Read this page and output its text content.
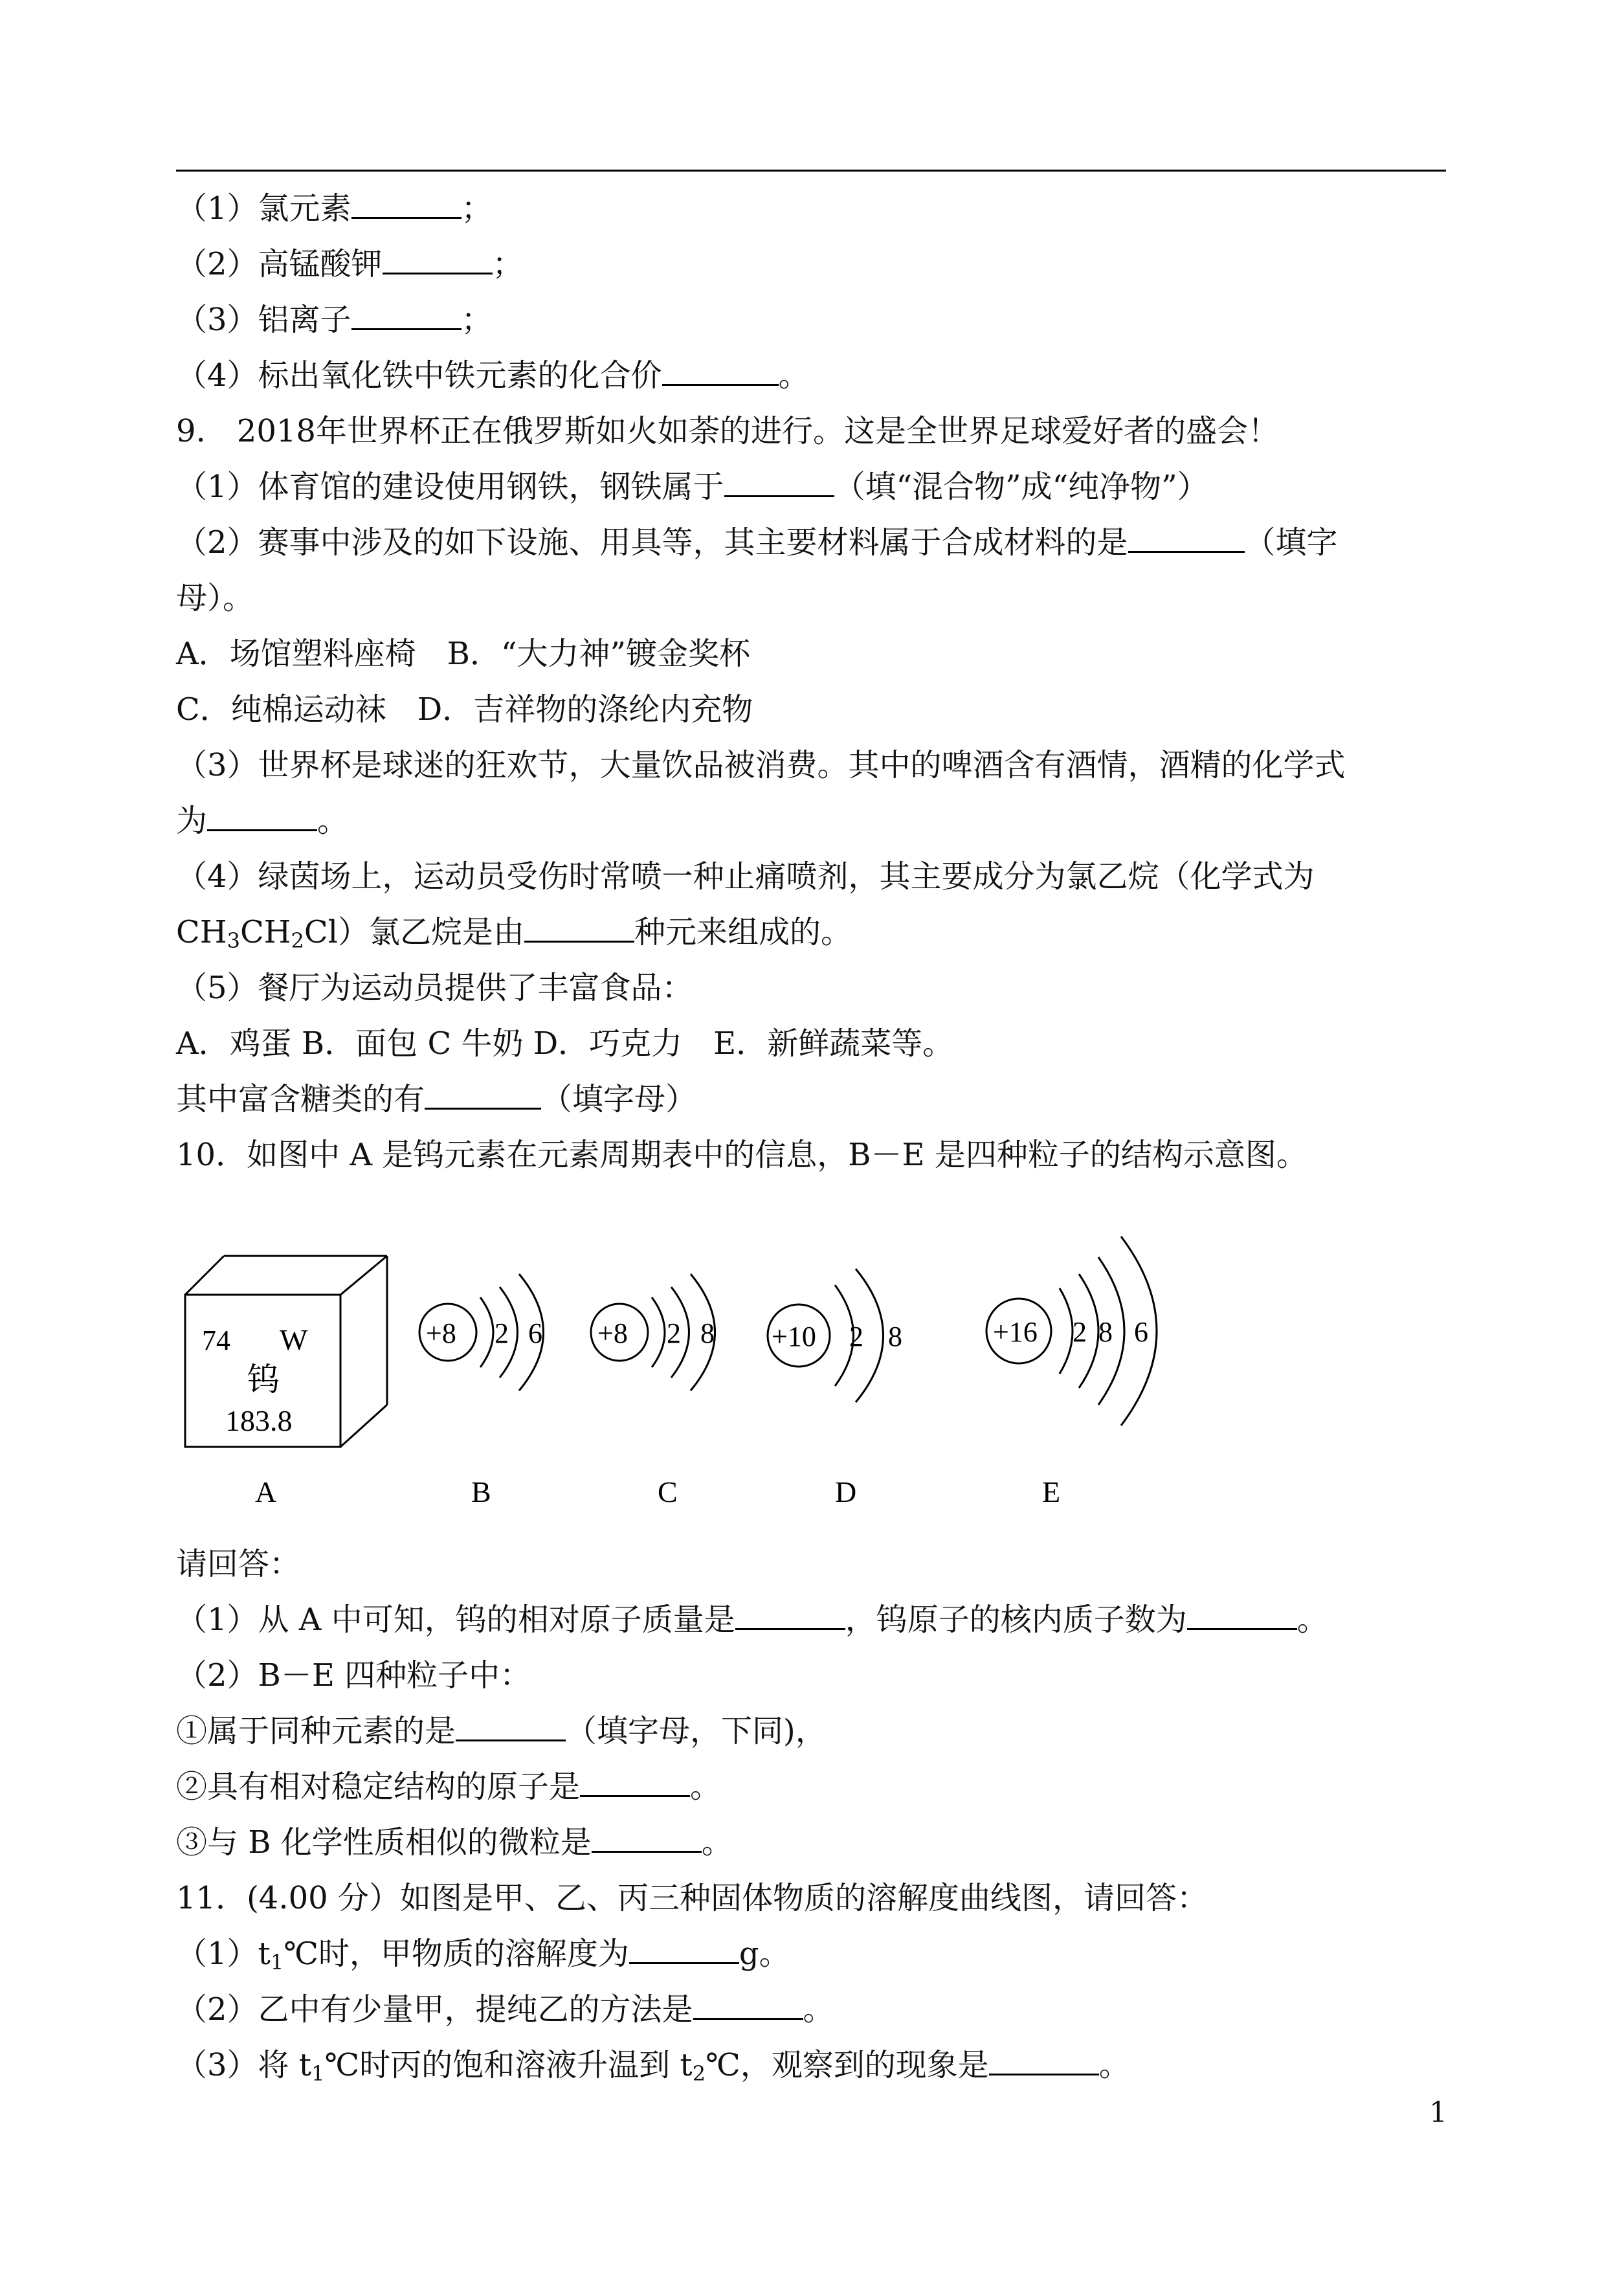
（1）氯元素	；
（2）高锰酸钾	；
（3）铝离子	；
（4）标出氧化铁中铁元素的化合价	。
9.　2018年世界杯正在俄罗斯如火如荼的进行。这是全世界足球爱好者的盛会！
（1）体育馆的建设使用钢铁，钢铁属于	（填“混合物”成“纯净物”）
（2）赛事中涉及的如下设施、用具等，其主要材料属于合成材料的是	（填字
母）。
A．场馆塑料座椅　B．“大力神”镀金奖杯
C．纯棉运动袜　D．吉祥物的涤纶内充物
（3）世界杯是球迷的狂欢节，大量饮品被消费。其中的啤酒含有酒情，酒精的化学式
为	。
（4）绿茵场上，运动员受伤时常喷一种止痛喷剂，其主要成分为氯乙烷（化学式为
$CH_3CH_2Cl$）氯乙烷是由	种元来组成的。
（5）餐厅为运动员提供了丰富食品：
A．鸡蛋 B．面包 C 牛奶 D．巧克力　E．新鲜蔬菜等。
其中富含糖类的有	（填字母）
10．如图中 A 是钨元素在元素周期表中的信息，B－E 是四种粒子的结构示意图。
74 W
钨
183.8
+8 2 6 +8 2 8 +10 2 8	+16 2 8 6
A	B	C	D	E
请回答：
（1）从 A 中可知，钨的相对原子质量是	，钨原子的核内质子数为	。
（2）B－E 四种粒子中：
①属于同种元素的是	（填字母，下同)，
②具有相对稳定结构的原子是	。
③与 B 化学性质相似的微粒是	。
11．(4.00 分）如图是甲、乙、丙三种固体物质的溶解度曲线图，请回答：
$(1)t_1℃$时，甲物质的溶解度为	g。
（2）乙中有少量甲，提纯乙的方法是	。
（3）将 $t_1℃$时丙的饱和溶液升温到 $t_2℃$，观察到的现象是	。
1
